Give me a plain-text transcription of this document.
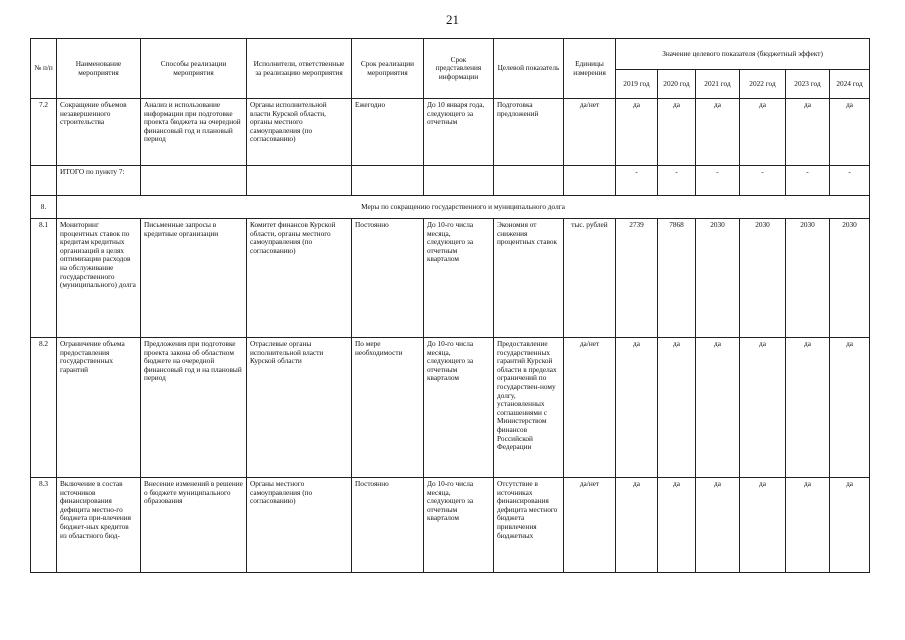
21
№ п/п	Наименование мероприятия	Способы реализации мероприятия	Исполнители, ответственные за реализацию мероприятия	Срок реализации мероприятия	Срок представления информации	Целевой показатель	Единицы измерения	Значение целевого показателя (бюджетный эффект)					
								2019 год	2020 год	2021 год	2022 год	2023 год	2024 год
7.2	Сокращение объемов незавершенного строительства	Анализ и использование информации при подготовке проекта бюджета на очередной финансовый год и плановый период	Органы исполнительной власти Курской области, органы местного самоуправления (по согласованию)	Ежегодно	До 10 января года, следующего за отчетным	Подготовка предложений	да/нет	да	да	да	да	да	да
	ИТОГО по пункту 7:							-	-	-	-	-	-
8.	Меры по сокращению государственного и муниципального долга												
8.1	Мониторинг процентных ставок по кредитам кредитных организаций в целях оптимизации расходов на обслуживание государственного (муниципального) долга	Письменные запросы в кредитные организации	Комитет финансов Курской области, органы местного самоуправления (по согласованию)	Постоянно	До 10-го числа месяца, следующего за отчетным кварталом	Экономия от снижения процентных ставок	тыс. рублей	2739	7868	2030	2030	2030	2030
8.2	Ограничение объема предоставления государственных гарантий	Предложения при подготовке проекта закона об областном бюджете на очередной финансовый год и на плановый период	Отраслевые органы исполнительной власти Курской области	По мере необходимости	До 10-го числа месяца, следующего за отчетным кварталом	Предоставление государственных гарантий Курской области в пределах ограничений по государствен-ному долгу, установленных соглашениями с Министерством финансов Российской Федерации	да/нет	да	да	да	да	да	да
8.3	Включение в состав источников финансирования дефицита местно-го бюджета при-влечения бюджет-ных кредитов из областного бюд-	Внесение изменений в решение о бюджете муниципального образования	Органы местного самоуправления (по согласованию)	Постоянно	До 10-го числа месяца, следующего за отчетным кварталом	Отсутствие в источниках финансирования дефицита местного бюджета привлечения бюджетных	да/нет	да	да	да	да	да	да
